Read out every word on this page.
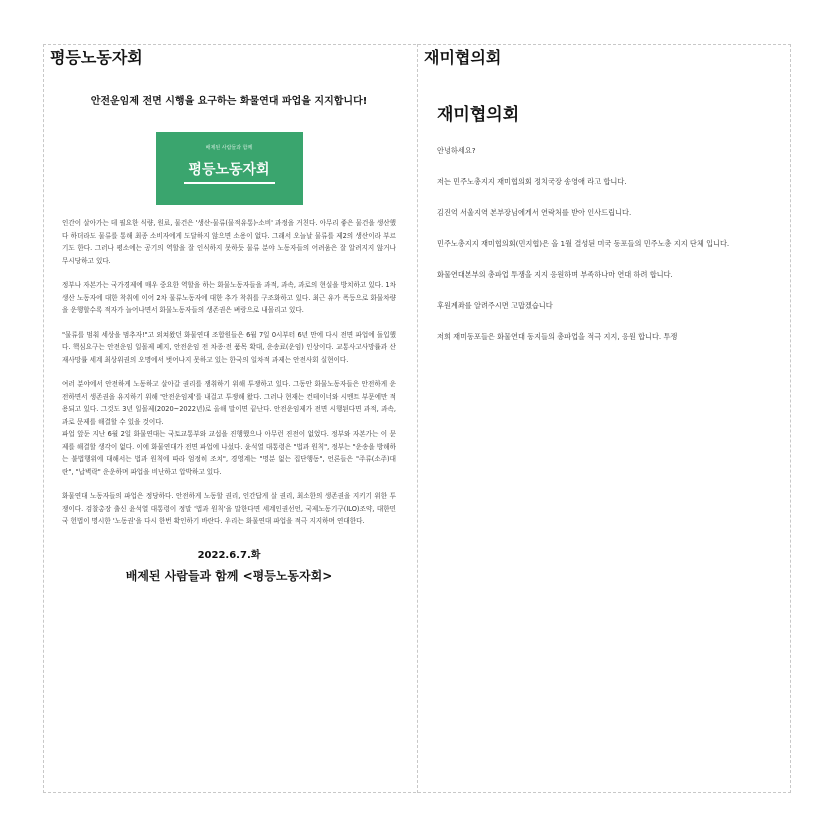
평등노동자회	재미협의회
안전운임제 전면 시행을 요구하는 화물연대 파업을 지지합니다!
배제된 사람들과 함께
평등노동자회

인간이 살아가는 데 필요한 식량, 원료, 물건은 '생산-물류(물적유통)-소비' 과정을 거친다. 아무리 좋은 물건을 생산했다 하더라도 물류를 통해 최종 소비자에게 도달하지 않으면 소용이 없다. 그래서 오늘날 물류를 제2의 생산이라 부르기도 한다. 그러나 평소에는 공기의 역할을 잘 인식하지 못하듯 물류 분야 노동자들의 어려움은 잘 알려지지 않거나 무시당하고 있다.

정부나 자본가는 국가경제에 매우 중요한 역할을 하는 화물노동자들을 과적, 과속, 과로의 현실을 방치하고 있다. 1차 생산 노동자에 대한 착취에 이어 2차 물류노동자에 대한 추가 착취를 구조화하고 있다. 최근 유가 폭등으로 화물차량을 운행할수록 적자가 늘어나면서 화물노동자들의 생존권은 벼랑으로 내몰리고 있다.

"물류를 멈춰 세상을 멈추자!"고 외쳐왔던 화물연대 조합원들은 6월 7일 0시부터 6년 만에 다시 전면 파업에 돌입했다. 핵심요구는 안전운임 일몰제 폐지, 안전운임 전 차종·전 품목 확대, 운송료(운임) 인상이다. 교통사고사망률과 산재사망률 세계 최상위권의 오명에서 벗어나지 못하고 있는 한국의 일차적 과제는 안전사회 실현이다.

여러 분야에서 안전하게 노동하고 살아갈 권리를 쟁취하기 위해 투쟁하고 있다. 그동안 화물노동자들은 안전하게 운전하면서 생존권을 유지하기 위해 '안전운임제'를 내걸고 투쟁해 왔다. 그러나 현재는 컨테이너와 시멘트 부문에만 적용되고 있다. 그것도 3년 일몰제(2020~2022년)로 올해 말이면 끝난다. 안전운임제가 전면 시행된다면 과적, 과속, 과로 문제를 해결할 수 있을 것이다.

파업 앞둔 지난 6월 2일 화물연대는 국토교통부와 교섭을 진행했으나 아무런 진전이 없었다. 정부와 자본가는 이 문제를 해결할 생각이 없다. 이에 화물연대가 전면 파업에 나섰다. 윤석열 대통령은 "법과 원칙", 정부는 "운송을 방해하는 불법행위에 대해서는 법과 원칙에 따라 엄정히 조치", 경영계는 "명분 없는 집단행동", 언론들은 "주류(소주)대란", "납벽락" 운운하며 파업을 비난하고 압박하고 있다.

화물연대 노동자들의 파업은 정당하다. 안전하게 노동할 권리, 인간답게 살 권리, 최소한의 생존권을 지키기 위한 투쟁이다. 검찰총장 출신 윤석열 대통령이 정말 '법과 원칙'을 말한다면 세계인권선언, 국제노동기구(ILO)조약, 대한민국 헌법이 명시한 '노동권'을 다시 한번 확인하기 바란다. 우리는 화물연대 파업을 적극 지지하며 연대한다.

2022.6.7.화
배제된 사람들과 함께 <평등노동자회>
재미협의회

안녕하세요?

저는 민주노총지지 재미협의회 정치국장 송영애 라고 합니다.

김진억 서울지역 본부장님에게서 연락처를 받아 인사드립니다.

민주노총지지 재미협의회(민지협)은 올 1월 결성된 미국 동포들의 민주노총 지지 단체 입니다.

화물연대본부의 총파업 투쟁을 지지 응원하며 부족하나마 연대 하려 합니다.

후원계좌를 알려주시면 고맙겠습니다

저희 재미동포들은 화물연대 동지들의 총파업을 적극 지지, 응원 합니다. 투쟁
